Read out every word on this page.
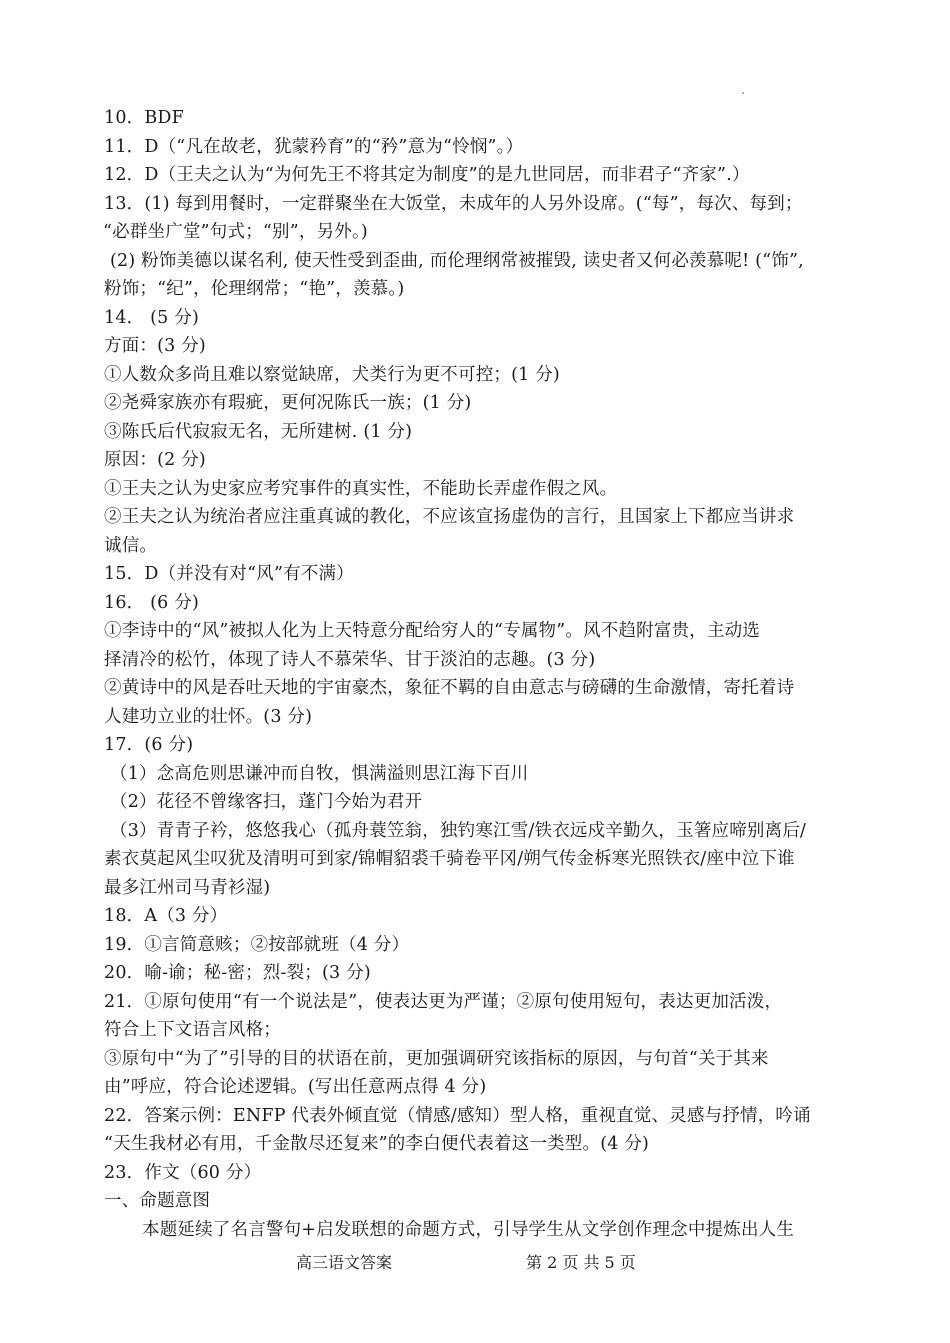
10．BDF
11．D（“凡在故老，犹蒙矜育”的“矜”意为“怜悯”。）
12．D（王夫之认为“为何先王不将其定为制度”的是九世同居，而非君子“齐家”.）
13．(1) 每到用餐时，一定群聚坐在大饭堂，未成年的人另外设席。(“每”，每次、每到；
“必群坐广堂”句式；“别”，另外。)
(2) 粉饰美德以谋名利, 使天性受到歪曲, 而伦理纲常被摧毁, 读史者又何必羡慕呢! (“饰”,
粉饰；“纪”，伦理纲常；“艳”，羡慕。)
14． (5 分)
方面：(3 分)
①人数众多尚且难以察觉缺席，犬类行为更不可控；(1 分)
②尧舜家族亦有瑕疵，更何况陈氏一族；(1 分)
③陈氏后代寂寂无名，无所建树. (1 分)
原因：(2 分)
①王夫之认为史家应考究事件的真实性，不能助长弄虚作假之风。
②王夫之认为统治者应注重真诚的教化，不应该宣扬虚伪的言行，且国家上下都应当讲求
诚信。
15．D（并没有对“风”有不满）
16． (6 分)
①李诗中的“风”被拟人化为上天特意分配给穷人的“专属物”。风不趋附富贵，主动选
择清冷的松竹，体现了诗人不慕荣华、甘于淡泊的志趣。(3 分)
②黄诗中的风是吞吐天地的宇宙豪杰，象征不羁的自由意志与磅礴的生命激情，寄托着诗
人建功立业的壮怀。(3 分)
17．(6 分)
（1）念高危则思谦冲而自牧，惧满溢则思江海下百川
（2）花径不曾缘客扫，蓬门今始为君开
（3）青青子衿，悠悠我心（孤舟蓑笠翁，独钓寒江雪/铁衣远戍辛勤久，玉箸应啼别离后/
素衣莫起风尘叹犹及清明可到家/锦帽貂裘千骑卷平冈/朔气传金柝寒光照铁衣/座中泣下谁
最多江州司马青衫湿)
18．A（3 分）
19．①言简意赅；②按部就班（4 分）
20．喻-谕；秘-密；烈-裂；(3 分)
21．①原句使用“有一个说法是”，使表达更为严谨；②原句使用短句，表达更加活泼，
符合上下文语言风格；
③原句中“为了”引导的目的状语在前，更加强调研究该指标的原因，与句首“关于其来
由”呼应，符合论述逻辑。(写出任意两点得 4 分)
22．答案示例：ENFP 代表外倾直觉（情感/感知）型人格，重视直觉、灵感与抒情，吟诵
“天生我材必有用，千金散尽还复来”的李白便代表着这一类型。(4 分)
23．作文（60 分）
一、命题意图
本题延续了名言警句+启发联想的命题方式，引导学生从文学创作理念中提炼出人生
高三语文答案	第 2 页 共 5 页
